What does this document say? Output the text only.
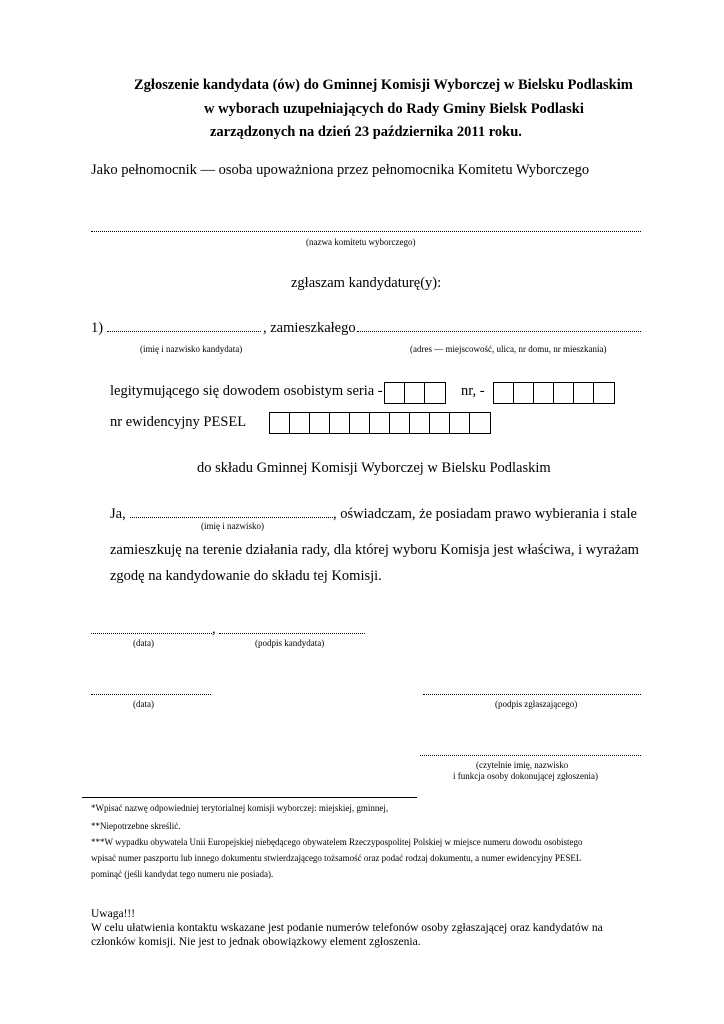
Zgłoszenie kandydata (ów) do Gminnej Komisji Wyborczej w Bielsku Podlaskim
w wyborach uzupełniających do Rady Gminy Bielsk Podlaski
zarządzonych na dzień 23 października 2011 roku.
Jako pełnomocnik — osoba upoważniona przez pełnomocnika Komitetu Wyborczego
(nazwa komitetu wyborczego)
zgłaszam kandydaturę(y):
1)	, zamieszkałego
(imię i nazwisko kandydata)	(adres — miejscowość, ulica, nr domu, nr mieszkania)
legitymującego się dowodem osobistym seria -	nr, -
nr ewidencyjny PESEL
do składu Gminnej Komisji Wyborczej w Bielsku Podlaskim
Ja,	, oświadczam, że posiadam prawo wybierania i stale
(imię i nazwisko)
zamieszkuję na terenie działania rady, dla której wyboru Komisja jest właściwa, i wyrażam
zgodę na kandydowanie do składu tej Komisji.
,
(data)	(podpis kandydata)
(data)	(podpis zgłaszającego)
(czytelnie imię, nazwisko
i funkcja osoby dokonującej zgłoszenia)
*Wpisać nazwę odpowiedniej terytorialnej komisji wyborczej: miejskiej, gminnej,
**Niepotrzebne skreślić.
***W wypadku obywatela Unii Europejskiej niebędącego obywatelem Rzeczypospolitej Polskiej w miejsce numeru dowodu osobistego
wpisać numer paszportu lub innego dokumentu stwierdzającego tożsamość oraz podać rodzaj dokumentu, a numer ewidencyjny PESEL
pominąć (jeśli kandydat tego numeru nie posiada).
Uwaga!!!
W celu ułatwienia kontaktu wskazane jest podanie numerów telefonów osoby zgłaszającej oraz kandydatów na
członków komisji. Nie jest to jednak obowiązkowy element zgłoszenia.
